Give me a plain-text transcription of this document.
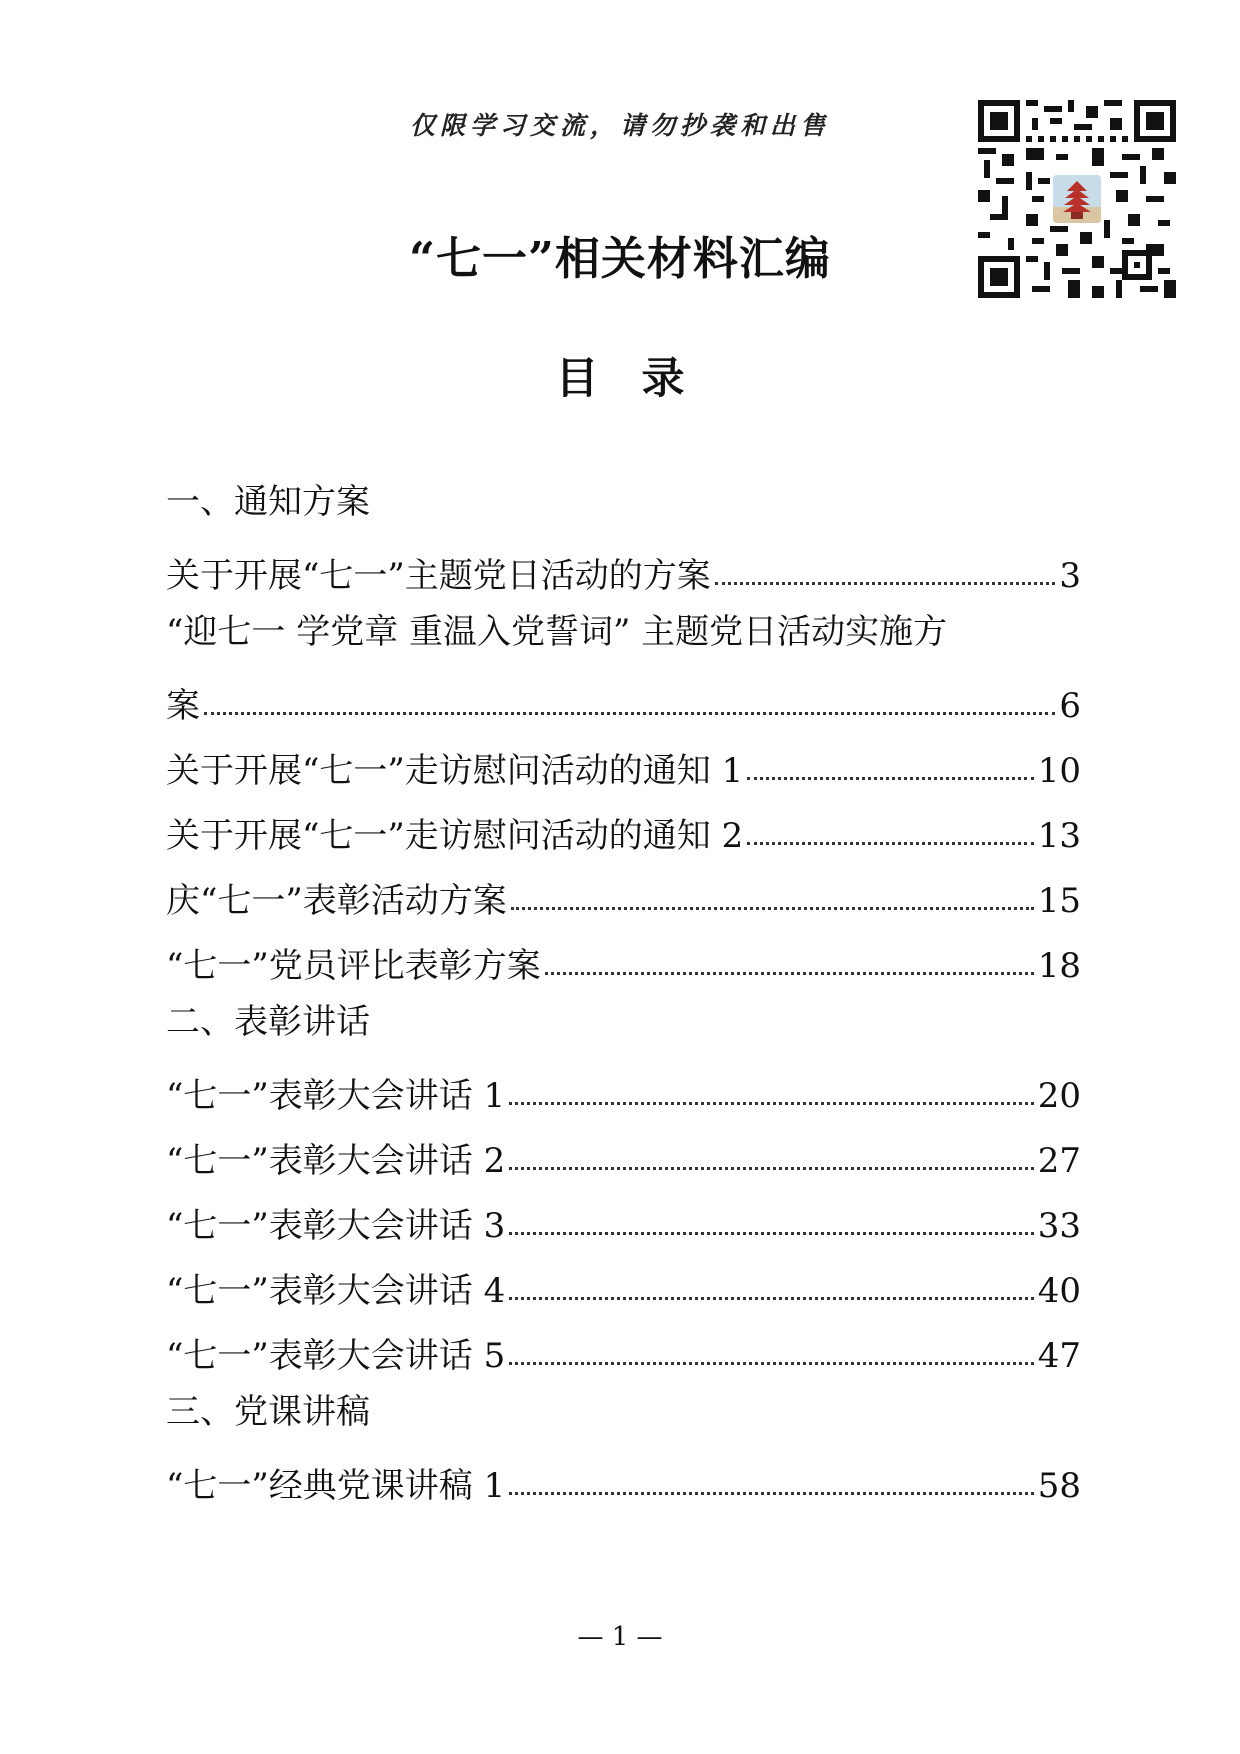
仅限学习交流，请勿抄袭和出售
“七一”相关材料汇编
目　录
一、通知方案
关于开展“七一”主题党日活动的方案	3
“迎七一 学党章 重温入党誓词” 主题党日活动实施方
案	6
关于开展“七一”走访慰问活动的通知 1	10
关于开展“七一”走访慰问活动的通知 2	13
庆“七一”表彰活动方案	15
“七一”党员评比表彰方案	18
二、表彰讲话
“七一”表彰大会讲话 1	20
“七一”表彰大会讲话 2	27
“七一”表彰大会讲话 3	33
“七一”表彰大会讲话 4	40
“七一”表彰大会讲话 5	47
三、党课讲稿
“七一”经典党课讲稿 1	58
— 1 —
